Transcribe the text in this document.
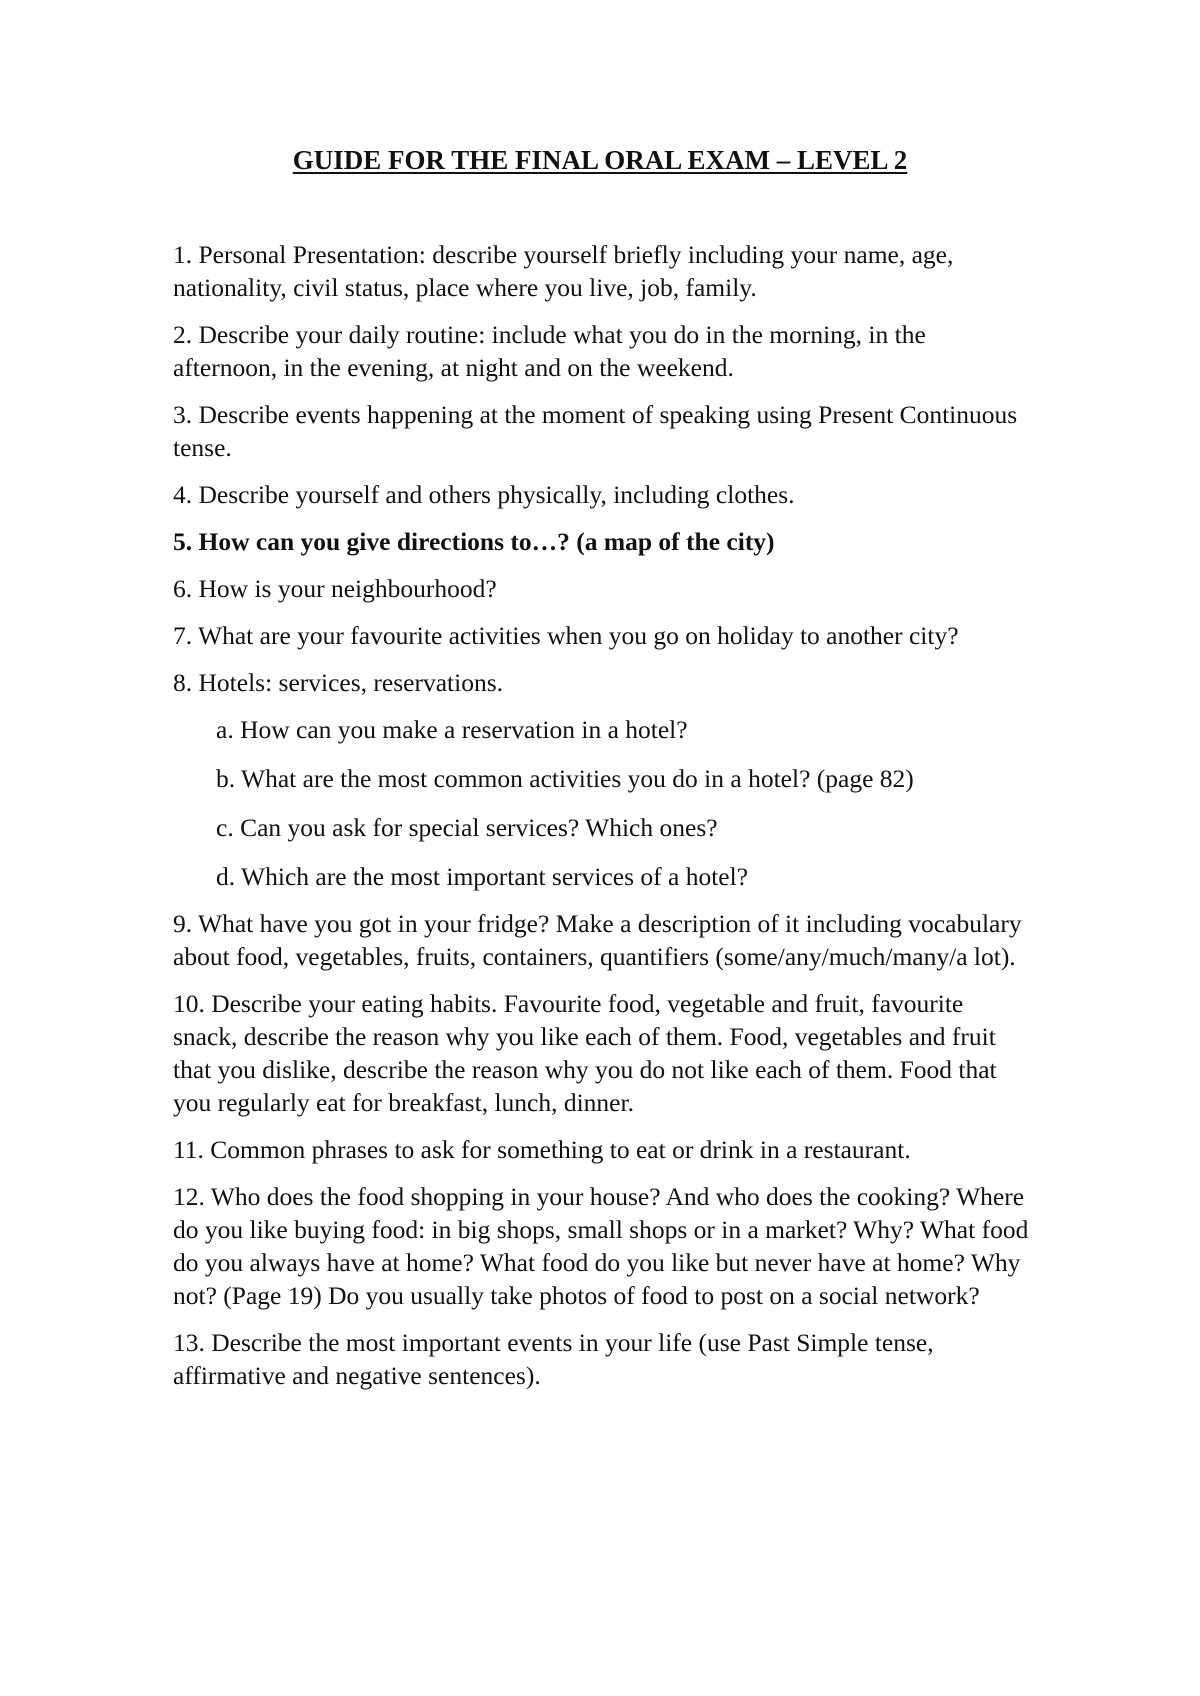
GUIDE FOR THE FINAL ORAL EXAM – LEVEL 2

1. Personal Presentation: describe yourself briefly including your name, age, nationality, civil status, place where you live, job, family.

2. Describe your daily routine: include what you do in the morning, in the afternoon, in the evening, at night and on the weekend.

3. Describe events happening at the moment of speaking using Present Continuous tense.

4. Describe yourself and others physically, including clothes.

5. How can you give directions to…? (a map of the city)

6. How is your neighbourhood?

7. What are your favourite activities when you go on holiday to another city?

8. Hotels: services, reservations.

a. How can you make a reservation in a hotel?

b. What are the most common activities you do in a hotel? (page 82)

c. Can you ask for special services? Which ones?

d. Which are the most important services of a hotel?

9. What have you got in your fridge? Make a description of it including vocabulary about food, vegetables, fruits, containers, quantifiers (some/any/much/many/a lot).

10. Describe your eating habits. Favourite food, vegetable and fruit, favourite snack, describe the reason why you like each of them. Food, vegetables and fruit that you dislike, describe the reason why you do not like each of them. Food that you regularly eat for breakfast, lunch, dinner.

11. Common phrases to ask for something to eat or drink in a restaurant.

12. Who does the food shopping in your house? And who does the cooking? Where do you like buying food: in big shops, small shops or in a market? Why? What food do you always have at home? What food do you like but never have at home? Why not? (Page 19) Do you usually take photos of food to post on a social network?

13. Describe the most important events in your life (use Past Simple tense, affirmative and negative sentences).
